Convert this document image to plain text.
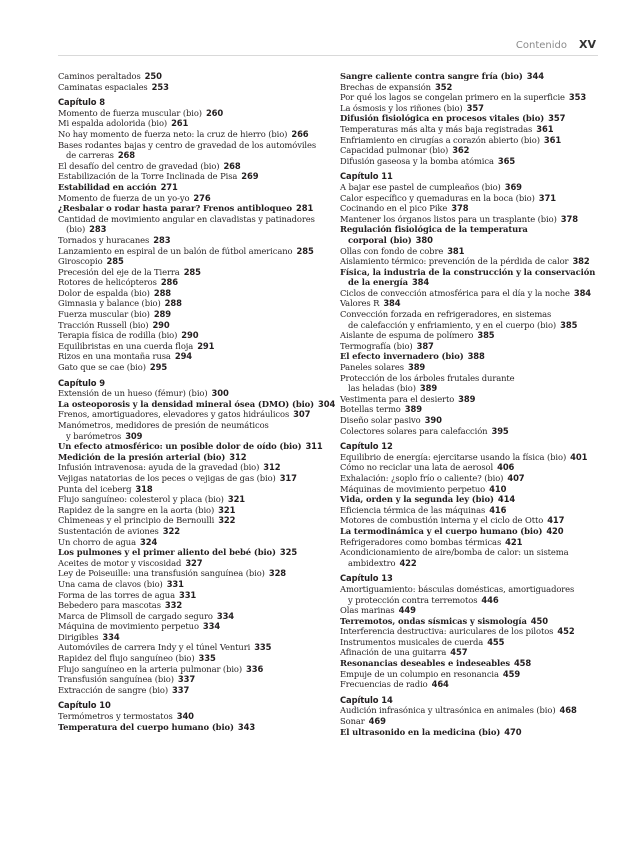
Contenido XV
Caminos peraltados 250
Caminatas espaciales 253
Capítulo 8
Momento de fuerza muscular (bio) 260
Mi espalda adolorida (bio) 261
No hay momento de fuerza neto: la cruz de hierro (bio) 266
Bases rodantes bajas y centro de gravedad de los automóviles
de carreras 268
El desafío del centro de gravedad (bio) 268
Estabilización de la Torre Inclinada de Pisa 269
Estabilidad en acción 271
Momento de fuerza de un yo-yo 276
¿Resbalar o rodar hasta parar? Frenos antibloqueo 281
Cantidad de movimiento angular en clavadistas y patinadores
(bio) 283
Tornados y huracanes 283
Lanzamiento en espiral de un balón de fútbol americano 285
Giroscopio 285
Precesión del eje de la Tierra 285
Rotores de helicópteros 286
Dolor de espalda (bio) 288
Gimnasia y balance (bio) 288
Fuerza muscular (bio) 289
Tracción Russell (bio) 290
Terapia física de rodilla (bio) 290
Equilibristas en una cuerda floja 291
Rizos en una montaña rusa 294
Gato que se cae (bio) 295
Capítulo 9
Extensión de un hueso (fémur) (bio) 300
La osteoporosis y la densidad mineral ósea (DMO) (bio) 304
Frenos, amortiguadores, elevadores y gatos hidráulicos 307
Manómetros, medidores de presión de neumáticos
y barómetros 309
Un efecto atmosférico: un posible dolor de oído (bio) 311
Medición de la presión arterial (bio) 312
Infusión intravenosa: ayuda de la gravedad (bio) 312
Vejigas natatorias de los peces o vejigas de gas (bio) 317
Punta del iceberg 318
Flujo sanguíneo: colesterol y placa (bio) 321
Rapidez de la sangre en la aorta (bio) 321
Chimeneas y el principio de Bernoulli 322
Sustentación de aviones 322
Un chorro de agua 324
Los pulmones y el primer aliento del bebé (bio) 325
Aceites de motor y viscosidad 327
Ley de Poiseuille: una transfusión sanguínea (bio) 328
Una cama de clavos (bio) 331
Forma de las torres de agua 331
Bebedero para mascotas 332
Marca de Plimsoll de cargado seguro 334
Máquina de movimiento perpetuo 334
Dirigibles 334
Automóviles de carrera Indy y el túnel Venturi 335
Rapidez del flujo sanguíneo (bio) 335
Flujo sanguíneo en la arteria pulmonar (bio) 336
Transfusión sanguínea (bio) 337
Extracción de sangre (bio) 337
Capítulo 10
Termómetros y termostatos 340
Temperatura del cuerpo humano (bio) 343
Sangre caliente contra sangre fría (bio) 344
Brechas de expansión 352
Por qué los lagos se congelan primero en la superficie 353
La ósmosis y los riñones (bio) 357
Difusión fisiológica en procesos vitales (bio) 357
Temperaturas más alta y más baja registradas 361
Enfriamiento en cirugías a corazón abierto (bio) 361
Capacidad pulmonar (bio) 362
Difusión gaseosa y la bomba atómica 365
Capítulo 11
A bajar ese pastel de cumpleaños (bio) 369
Calor específico y quemaduras en la boca (bio) 371
Cocinando en el pico Pike 378
Mantener los órganos listos para un trasplante (bio) 378
Regulación fisiológica de la temperatura
corporal (bio) 380
Ollas con fondo de cobre 381
Aislamiento térmico: prevención de la pérdida de calor 382
Física, la industria de la construcción y la conservación
de la energía 384
Ciclos de convección atmosférica para el día y la noche 384
Valores R 384
Convección forzada en refrigeradores, en sistemas
de calefacción y enfriamiento, y en el cuerpo (bio) 385
Aislante de espuma de polímero 385
Termografía (bio) 387
El efecto invernadero (bio) 388
Paneles solares 389
Protección de los árboles frutales durante
las heladas (bio) 389
Vestimenta para el desierto 389
Botellas termo 389
Diseño solar pasivo 390
Colectores solares para calefacción 395
Capítulo 12
Equilibrio de energía: ejercitarse usando la física (bio) 401
Cómo no reciclar una lata de aerosol 406
Exhalación: ¿soplo frío o caliente? (bio) 407
Máquinas de movimiento perpetuo 410
Vida, orden y la segunda ley (bio) 414
Eficiencia térmica de las máquinas 416
Motores de combustión interna y el ciclo de Otto 417
La termodinámica y el cuerpo humano (bio) 420
Refrigeradores como bombas térmicas 421
Acondicionamiento de aire/bomba de calor: un sistema
ambidextro 422
Capítulo 13
Amortiguamiento: básculas domésticas, amortiguadores
y protección contra terremotos 446
Olas marinas 449
Terremotos, ondas sísmicas y sismología 450
Interferencia destructiva: auriculares de los pilotos 452
Instrumentos musicales de cuerda 455
Afinación de una guitarra 457
Resonancias deseables e indeseables 458
Empuje de un columpio en resonancia 459
Frecuencias de radio 464
Capítulo 14
Audición infrasónica y ultrasónica en animales (bio) 468
Sonar 469
El ultrasonido en la medicina (bio) 470
